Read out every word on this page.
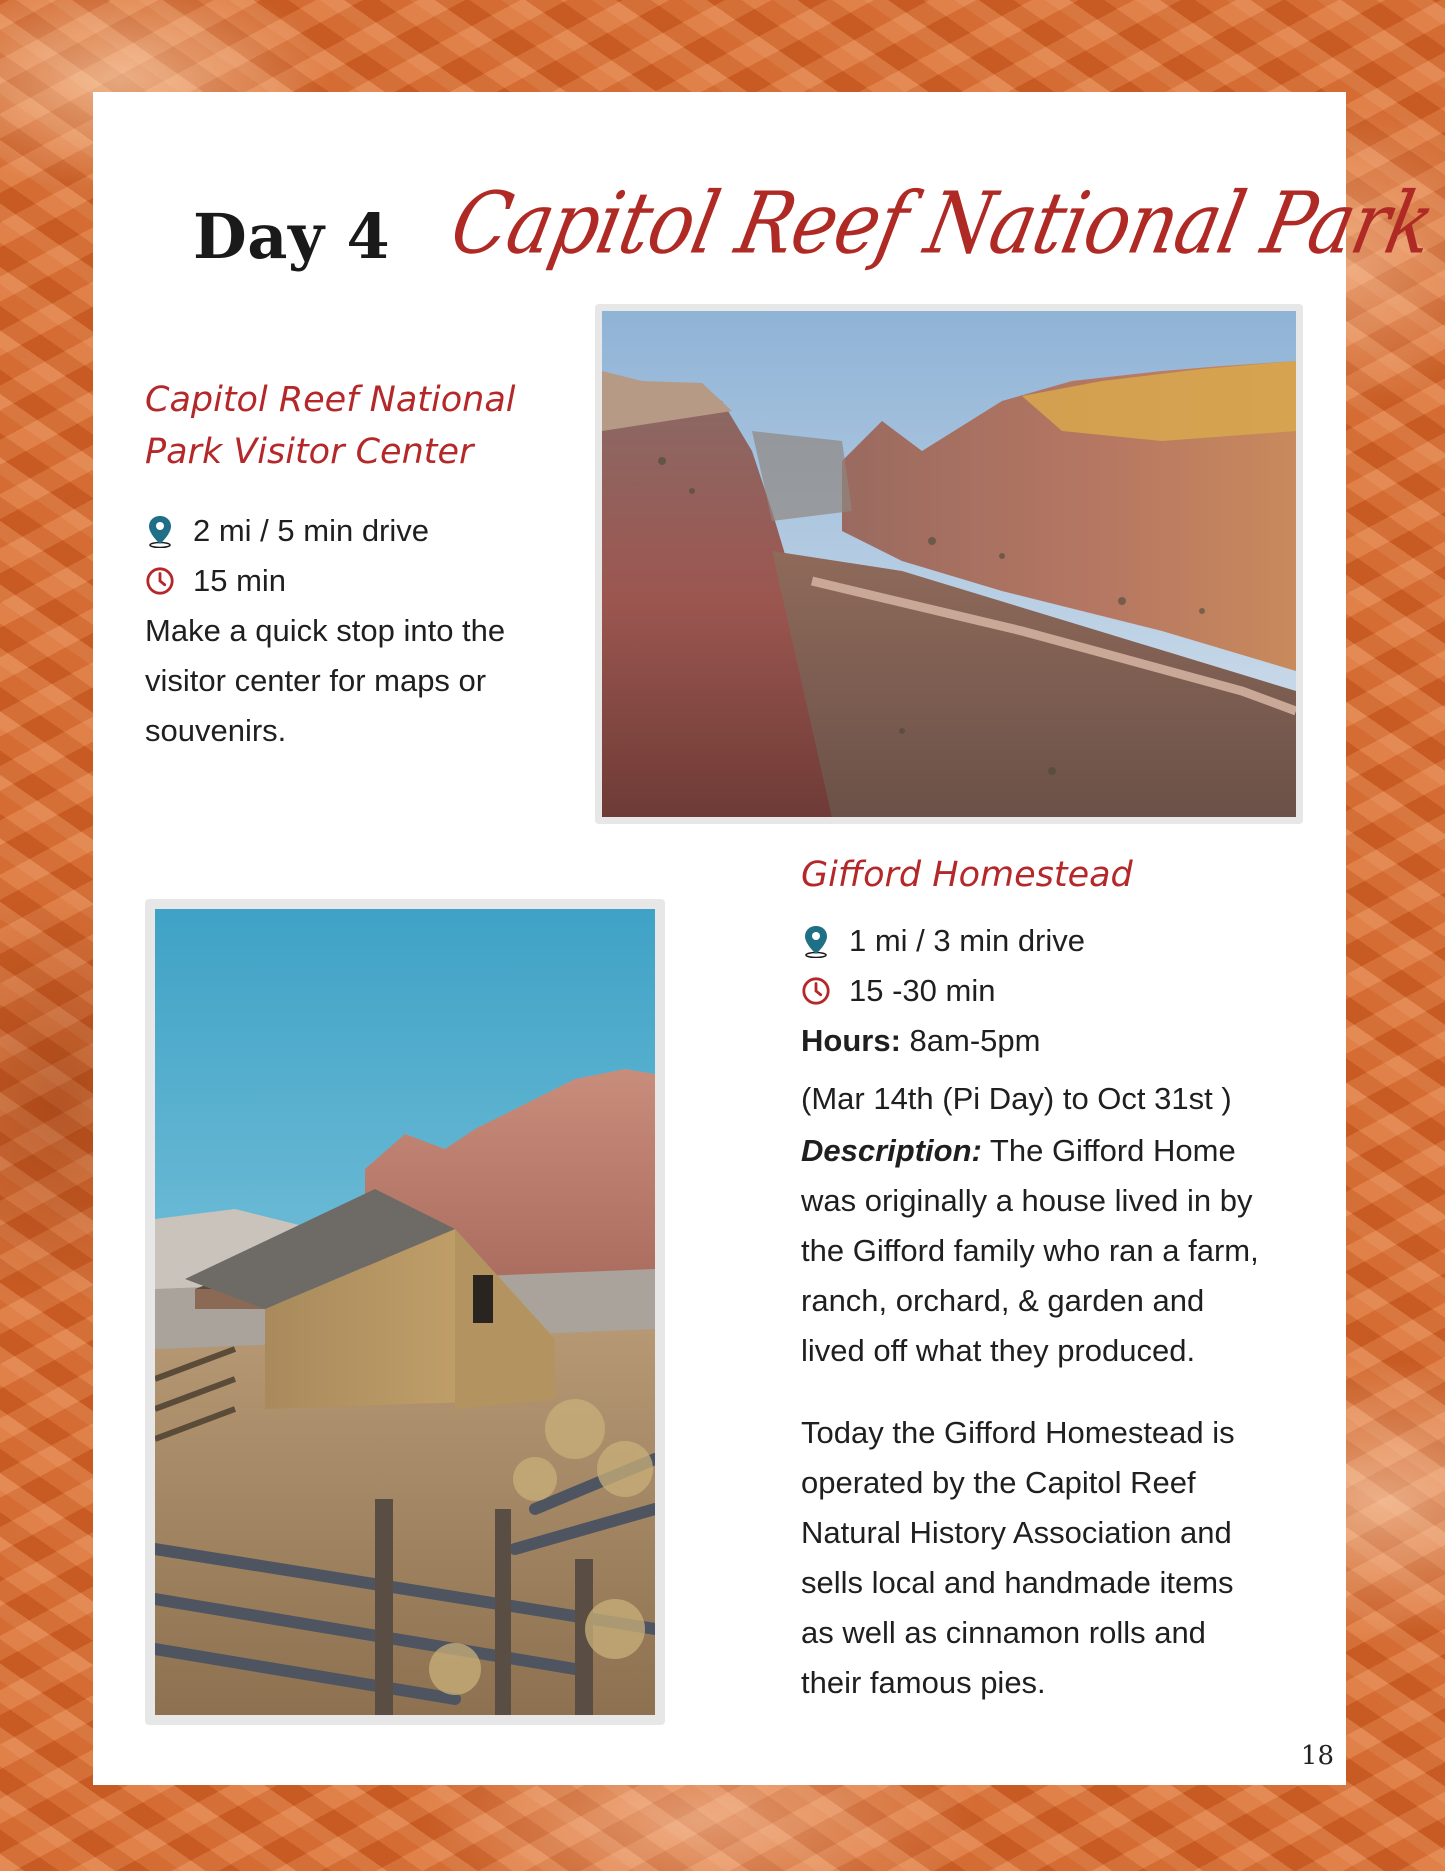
Day 4 Capitol Reef National Park
Capitol Reef National
Park Visitor Center
2 mi / 5 min drive
15 min
Make a quick stop into the
visitor center for maps or
souvenirs.
Gifford Homestead
1 mi / 3 min drive
15 -30 min
Hours: 8am-5pm
(Mar 14th (Pi Day) to Oct 31st )
Description: The Gifford Home
was originally a house lived in by
the Gifford family who ran a farm,
ranch, orchard, & garden and
lived off what they produced.
Today the Gifford Homestead is
operated by the Capitol Reef
Natural History Association and
sells local and handmade items
as well as cinnamon rolls and
their famous pies.
18
